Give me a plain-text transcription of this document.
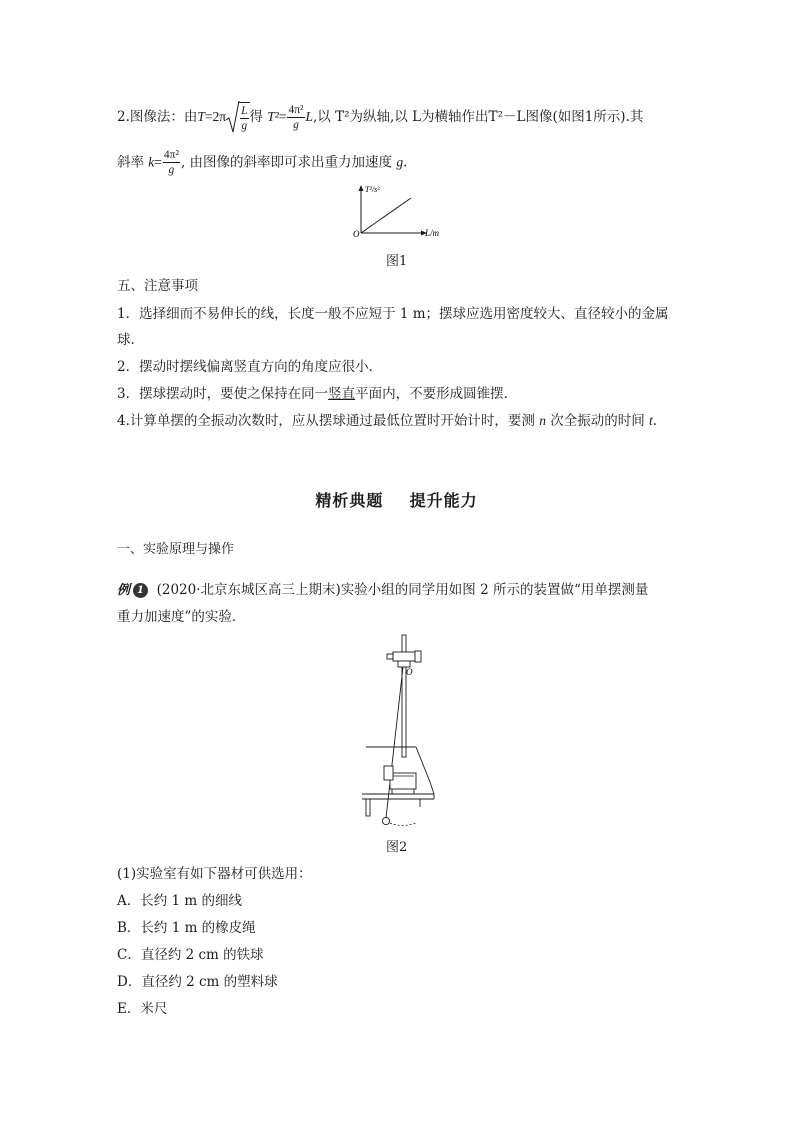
2.图像法：由$T=2\pi \frac{L}{g}$ 得 $T^2= \frac{\text{4π²}}{g} L$,以 T²为纵轴,以 L为横轴作出T²－L图像(如图1所示).其
斜率 $k= \frac{\text{4π²}}{g}$ , 由图像的斜率即可求出重力加速度 g.
T²/s²
L/m
O
图1
五、注意事项
1．选择细而不易伸长的线，长度一般不应短于 1 m；摆球应选用密度较大、直径较小的金属
球．
2．摆动时摆线偏离竖直方向的角度应很小．
3．摆球摆动时，要使之保持在同一竖直平面内，不要形成圆锥摆．
4.计算单摆的全振动次数时，应从摆球通过最低位置时开始计时，要测 n 次全振动的时间 t.
精析典题 提升能力
一、实验原理与操作
例 1 (2020·北京东城区高三上期末)实验小组的同学用如图 2 所示的装置做“用单摆测量
重力加速度”的实验．
O
图2
(1)实验室有如下器材可供选用：
A．长约 1 m 的细线
B．长约 1 m 的橡皮绳
C．直径约 2 cm 的铁球
D．直径约 2 cm 的塑料球
E．米尺
